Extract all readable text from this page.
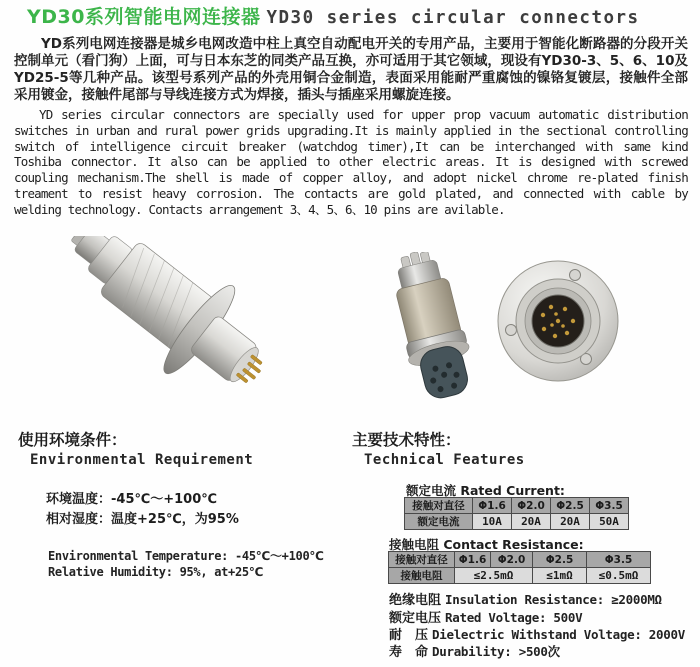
YD30系列智能电网连接器 YD30 series circular connectors

YD系列电网连接器是城乡电网改造中柱上真空自动配电开关的专用产品，主要用于智能化断路器的分段开关控制单元（看门狗）上面，可与日本东芝的同类产品互换，亦可适用于其它领域，现设有YD30-3、5、6、10及YD25-5等几种产品。该型号系列产品的外壳用铜合金制造，表面采用能耐严重腐蚀的镍铬复镀层，接触件全部采用镀金，接触件尾部与导线连接方式为焊接，插头与插座采用螺旋连接。

YD series circular connectors are specially used for upper prop vacuum automatic distribution switches in urban and rural power grids upgrading.It is mainly applied in the sectional controlling switch of intelligence circuit breaker (watchdog timer),It can be interchanged with same kind Toshiba connector. It also can be applied to other electric areas. It is designed with screwed coupling mechanism.The shell is made of copper alloy, and adopt nickel chrome re-plated finish treament to resist heavy corrosion. The contacts are gold plated, and connected with cable by welding technology. Contacts arrangement 3、4、5、6、10 pins are avilable.

使用环境条件：
Environmental Requirement
环境温度：-45℃～+100℃
相对湿度：温度+25℃，为95%
Environmental Temperature: -45℃～+100℃
Relative Humidity: 95%, at+25℃
主要技术特性：
Technical Features
额定电流 Rated Current:
接触对直径	Φ1.6	Φ2.0	Φ2.5	Φ3.5
额定电流	10A	20A	20A	50A
接触电阻 Contact Resistance:
接触对直径	Φ1.6	Φ2.0	Φ2.5	Φ3.5
接触电阻	≤2.5mΩ		≤1mΩ	≤0.5mΩ
绝缘电阻 Insulation Resistance: ≥2000MΩ
额定电压 Rated Voltage: 500V
耐　压 Dielectric Withstand Voltage: 2000V
寿　命 Durability: >500次
